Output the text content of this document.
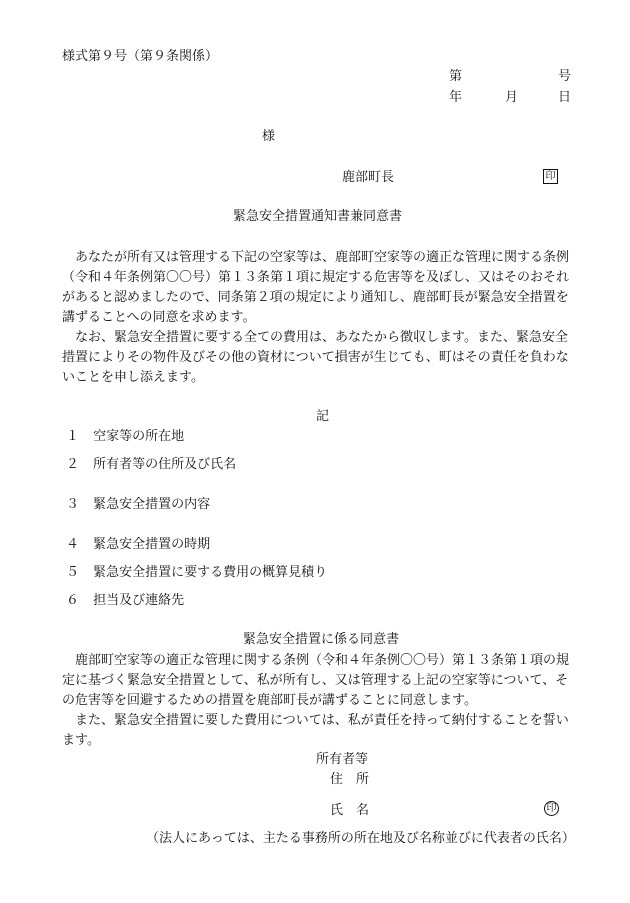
様式第９号（第９条関係）
第	号
年	月	日
様
鹿部町長	印
緊急安全措置通知書兼同意書
あなたが所有又は管理する下記の空家等は、鹿部町空家等の適正な管理に関する条例
（令和４年条例第〇〇号）第１３条第１項に規定する危害等を及ぼし、又はそのおそれ
があると認めましたので、同条第２項の規定により通知し、鹿部町長が緊急安全措置を
講ずることへの同意を求めます。
なお、緊急安全措置に要する全ての費用は、あなたから徴収します。また、緊急安全
措置によりその物件及びその他の資材について損害が生じても、町はその責任を負わな
いことを申し添えます。
記
１ 空家等の所在地
２ 所有者等の住所及び氏名
３ 緊急安全措置の内容
４ 緊急安全措置の時期
５ 緊急安全措置に要する費用の概算見積り
６ 担当及び連絡先
緊急安全措置に係る同意書
鹿部町空家等の適正な管理に関する条例（令和４年条例〇〇号）第１３条第１項の規
定に基づく緊急安全措置として、私が所有し、又は管理する上記の空家等について、そ
の危害等を回避するための措置を鹿部町長が講ずることに同意します。
また、緊急安全措置に要した費用については、私が責任を持って納付することを誓い
ます。
所有者等
住　所
氏　名	印
（法人にあっては、主たる事務所の所在地及び名称並びに代表者の氏名）
